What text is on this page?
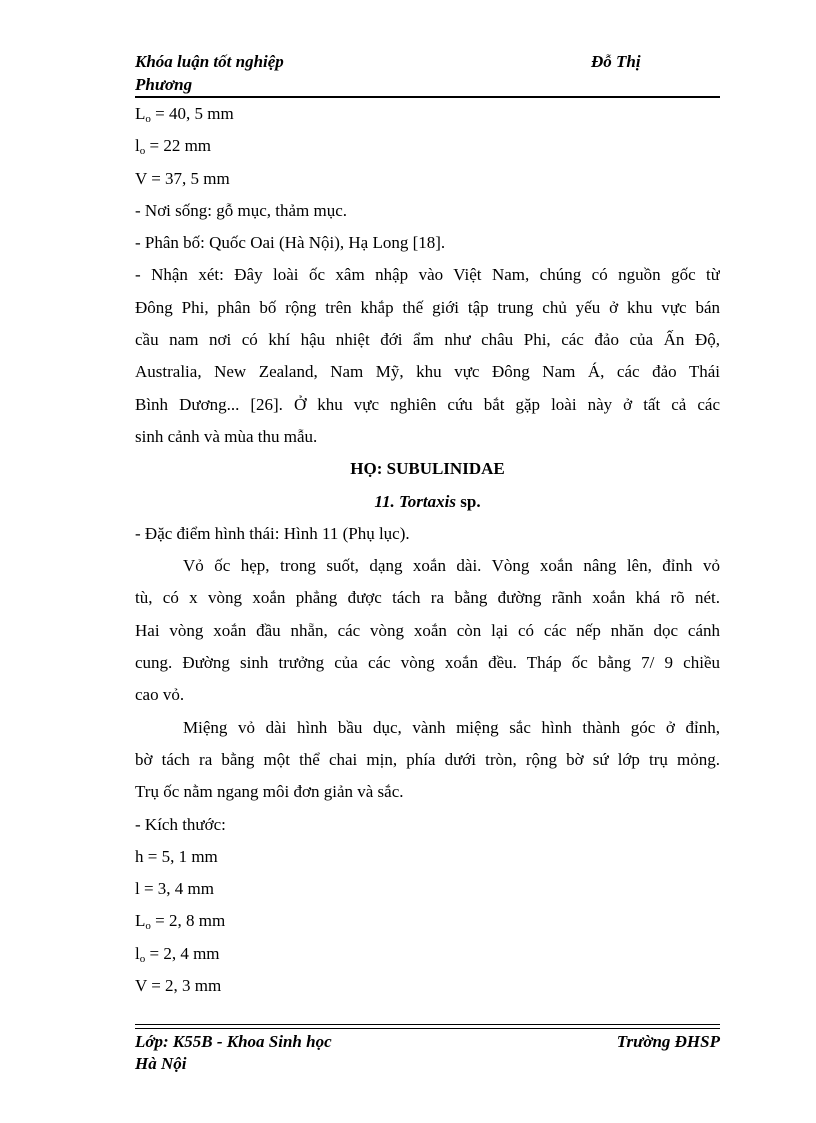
Khóa luận tốt nghiệp	Đỗ Thị
Phương
$L_o = 40$, 5 mm
$l_o = 22$ mm
V = 37, 5 mm
- Nơi sống: gỗ mục, thảm mục.
- Phân bố: Quốc Oai (Hà Nội), Hạ Long [18].
- Nhận xét: Đây loài ốc xâm nhập vào Việt Nam, chúng có nguồn gốc từ
Đông Phi, phân bố rộng trên khắp thế giới tập trung chủ yếu ở khu vực bán
cầu nam nơi có khí hậu nhiệt đới ẩm như châu Phi, các đảo của Ấn Độ,
Australia, New Zealand, Nam Mỹ, khu vực Đông Nam Á, các đảo Thái
Bình Dương... [26]. Ở khu vực nghiên cứu bắt gặp loài này ở tất cả các
sinh cảnh và mùa thu mẫu.
HỌ: SUBULINIDAE
11. Tortaxis sp.
- Đặc điểm hình thái: Hình 11 (Phụ lục).
Vỏ ốc hẹp, trong suốt, dạng xoắn dài. Vòng xoắn nâng lên, đỉnh vỏ
tù, có x vòng xoắn phẳng được tách ra bằng đường rãnh xoắn khá rõ nét.
Hai vòng xoắn đầu nhẵn, các vòng xoắn còn lại có các nếp nhăn dọc cánh
cung. Đường sinh trưởng của các vòng xoắn đều. Tháp ốc bằng 7/ 9 chiều
cao vỏ.
Miệng vỏ dài hình bầu dục, vành miệng sắc hình thành góc ở đỉnh,
bờ tách ra bằng một thể chai mịn, phía dưới tròn, rộng bờ sứ lớp trụ mỏng.
Trụ ốc nằm ngang môi đơn giản và sắc.
- Kích thước:
h = 5, 1 mm
l = 3, 4 mm
$L_o = 2$, 8 mm
$l_o = 2$, 4 mm
V = 2, 3 mm
Lớp: K55B - Khoa Sinh học	Trường ĐHSP
Hà Nội
